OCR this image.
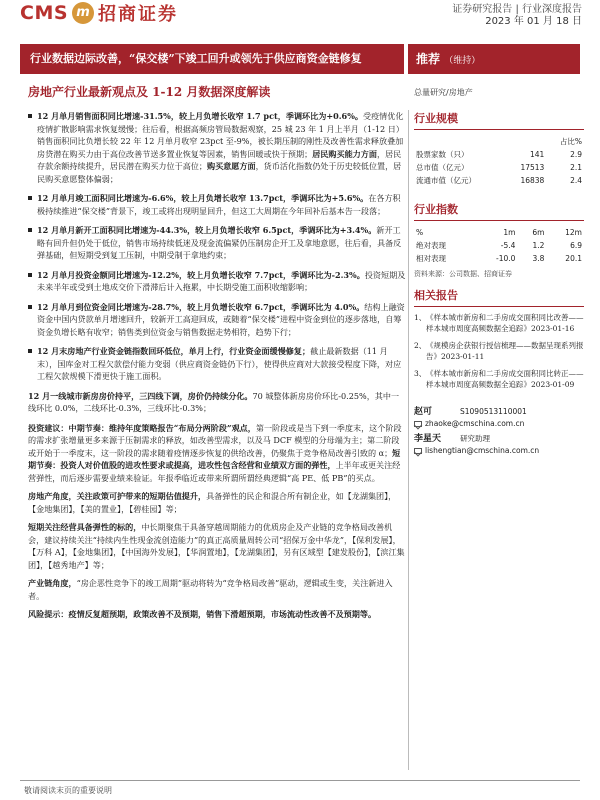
CMS m 招商证券	证券研究报告 | 行业深度报告
2023 年 01 月 18 日
行业数据边际改善，“保交楼”下竣工回升或领先于供应商资金链修复	推荐 （维持）
房地产行业最新观点及 1-12 月数据深度解读	总量研究/房地产
12 月单月销售面积同比增速-31.5%，较上月负增长收窄 1.7 pct，季调环比为+0.6%。受疫情优化疫情扩散影响需求恢复缓慢；往后看，根据高频房管局数据观察，25 城 23 年 1 月上半月（1-12 日）销售面积同比负增长较 22 年 12 月单月收窄 23pct 至-9%，被长期压制的刚性及改善性需求释放叠加房贷潜在购买力由于高位改善节送多置业恢复等因素，销售回暖或快于预期；居民购买能力方面，居民存款余额持续提升，居民潜在购买力位于高位；购买意愿方面，货币活化指数仍处于历史较低位置，居民购买意愿整体偏弱；
12 月单月竣工面积同比增速为-6.6%，较上月负增长收窄 13.7pct，季调环比为+5.6%。在各方积极持续推进“保交楼”背景下，竣工或将出现明显回升，但这工大周期在今年回补后基本告一段落；
12 月单月新开工面积同比增速为-44.3%，较上月负增长收窄 6.5pct，季调环比为+3.4%。新开工略有回升但仍处于低位，销售市场持续低迷及现金流偏紧仍压制房企开工及拿地意愿，往后看，具备反弹基础，但短期受到复工压制，中期受制于拿地约束；
12 月单月投资金额同比增速为-12.2%，较上月负增长收窄 7.7pct，季调环比为-2.3%。投资短期及未来半年或受到土地成交价下滑滞后计入拖累，中长期受施工面积收缩影响；
12 月单月到位资金同比增速为-28.7%，较上月负增长收窄 6.7pct，季调环比为 4.0%。结构上融资资金中国内贷款单月增速回升，较新开工高迎回成，或随着“保交楼”进程中资金到位的逐步落地，自筹资金负增长略有收窄；销售类到位资金与销售数据走势相符，趋势下行；
12 月末房地产行业资金链指数回环低位，单月上行，行业资金面缓慢修复；截止最新数据（11 月末），国库金对工程欠款偿付能力变弱（供应商资金链仍下行），使得供应商对大款接受程度下降，对应工程欠款规模下滑更快于施工面积。
12 月一线城市新房房价持平，三四线下调，房价仍持续分化。70 城整体新房房价环比-0.25%，其中一线环比 0.0%，二线环比-0.3%，三线环比-0.3%；
投资建议：中期节奏：维持年度策略报告“布局分两阶段”观点，第一阶段或是当下到一季度末，这个阶段的需求扩张增量更多来源于压制需求的释放，如改善型需求，以及马 DCF 模型的分母端为主；第二阶段或开始于一季度末，这一阶段的需求随着疫情逐步恢复的供给改善，仍聚焦于竞争格局改善引致的 α；短期节奏：投资人对价值股的进攻性要求或提高，进攻性包含经营和业绩双方面的弹性，上半年或更关注经营弹性，而后逐步需要业绩来验证。年报季临近或带来所谓所谓经典逻辑“高 PE、低 PB”的买点。
房地产角度，关注政策可护带来的短期估值提升，具备弹性的民企和混合所有制企业，如【龙湖集团】，【金地集团】，【美的置业】，【碧桂园】等；
短期关注经营具备弹性的标的，中长期聚焦于具备穿越周期能力的优质房企及产业链的竞争格局改善机会，建议持续关注“持续内生性现金流创造能力”的真正高质量周转公司“招保万金中华龙”，【保利发展】，【万科 A】，【金地集团】，【中国海外发展】，【华润置地】，【龙湖集团】，另有区域型【建发股份】，【滨江集团】，【越秀地产】等；
产业链角度，“房企恶性竞争下的竣工周期”驱动将转为“竞争格局改善”驱动，逻辑或生变，关注新进入者。
风险提示：疫情反复超预期，政策改善不及预期，销售下滑超预期，市场流动性改善不及预期等。
行业规模
		占比%
股票家数（只）	141	2.9
总市值（亿元）	17513	2.1
流通市值（亿元）	16838	2.4
行业指数
%	1m	6m	12m
绝对表现	-5.4	1.2	6.9
相对表现	-10.0	3.8	20.1
资料来源：公司数据、招商证券
相关报告
1、 《样本城市新房和二手房成交面积同比改善——样本城市周度高频数据全追踪》2023-01-16
2、 《规模房企获银行授信梳理——数据呈现系列报告》2023-01-11
3、 《样本城市新房和二手房成交面积同比转正——样本城市周度高频数据全追踪》2023-01-09
赵可	S1090513110001
zhaoke@cmschina.com.cn
李星天	研究助理
lishengtian@cmschina.com.cn
敬请阅读末页的重要说明
